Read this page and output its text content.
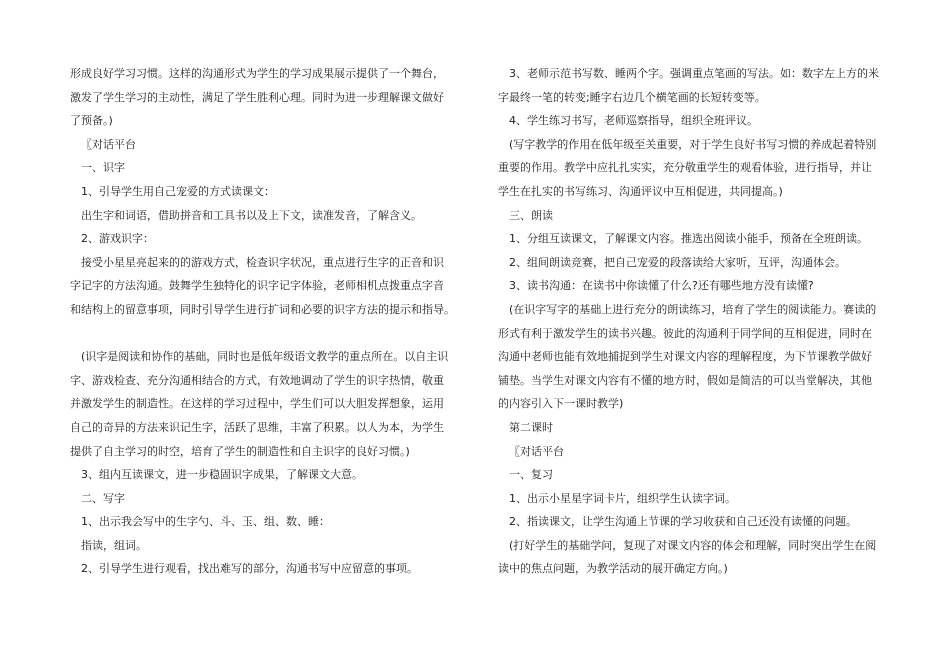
形成良好学习习惯。这样的沟通形式为学生的学习成果展示提供了一个舞台，
激发了学生学习的主动性，满足了学生胜利心理。同时为进一步理解课文做好
了预备。)
〖对话平台
一、识字
1、引导学生用自己宠爱的方式读课文：
出生字和词语，借助拼音和工具书以及上下文，读准发音，了解含义。
2、游戏识字：
接受小星星亮起来的的游戏方式，检查识字状况，重点进行生字的正音和识
字记字的方法沟通。鼓舞学生独特化的识字记字体验，老师相机点拨重点字音
和结构上的留意事项，同时引导学生进行扩词和必要的识字方法的提示和指导。
(识字是阅读和协作的基础，同时也是低年级语文教学的重点所在。以自主识
字、游戏检查、充分沟通相结合的方式，有效地调动了学生的识字热情，敬重
并激发学生的制造性。在这样的学习过程中，学生们可以大胆发挥想象，运用
自己的奇异的方法来识记生字，活跃了思维，丰富了积累。以人为本，为学生
提供了自主学习的时空，培育了学生的制造性和自主识字的良好习惯。)
3、组内互读课文，进一步稳固识字成果，了解课文大意。
二、写字
1、出示我会写中的生字勺、斗、玉、组、数、睡：
指读，组词。
2、引导学生进行观看，找出难写的部分，沟通书写中应留意的事项。
3、老师示范书写数、睡两个字。强调重点笔画的写法。如：数字左上方的米
字最终一笔的转变;睡字右边几个横笔画的长短转变等。
4、学生练习书写，老师巡察指导，组织全班评议。
(写字教学的作用在低年级至关重要，对于学生良好书写习惯的养成起着特别
重要的作用。教学中应扎扎实实，充分敬重学生的观看体验，进行指导，并让
学生在扎实的书写练习、沟通评议中互相促进，共同提高。)
三、朗读
1、分组互读课文，了解课文内容。推选出阅读小能手，预备在全班朗读。
2、组间朗读竞赛，把自己宠爱的段落读给大家听，互评，沟通体会。
3、读书沟通：在读书中你读懂了什么?还有哪些地方没有读懂?
(在识字写字的基础上进行充分的朗读练习，培育了学生的阅读能力。赛读的
形式有利于激发学生的读书兴趣。彼此的沟通利于同学间的互相促进，同时在
沟通中老师也能有效地捕捉到学生对课文内容的理解程度，为下节课教学做好
铺垫。当学生对课文内容有不懂的地方时，假如是简洁的可以当堂解决，其他
的内容引入下一课时教学)
第二课时
〖对话平台
一、复习
1、出示小星星字词卡片，组织学生认读字词。
2、指读课文，让学生沟通上节课的学习收获和自己还没有读懂的问题。
(打好学生的基础学问，复现了对课文内容的体会和理解，同时突出学生在阅
读中的焦点问题，为教学活动的展开确定方向。)
